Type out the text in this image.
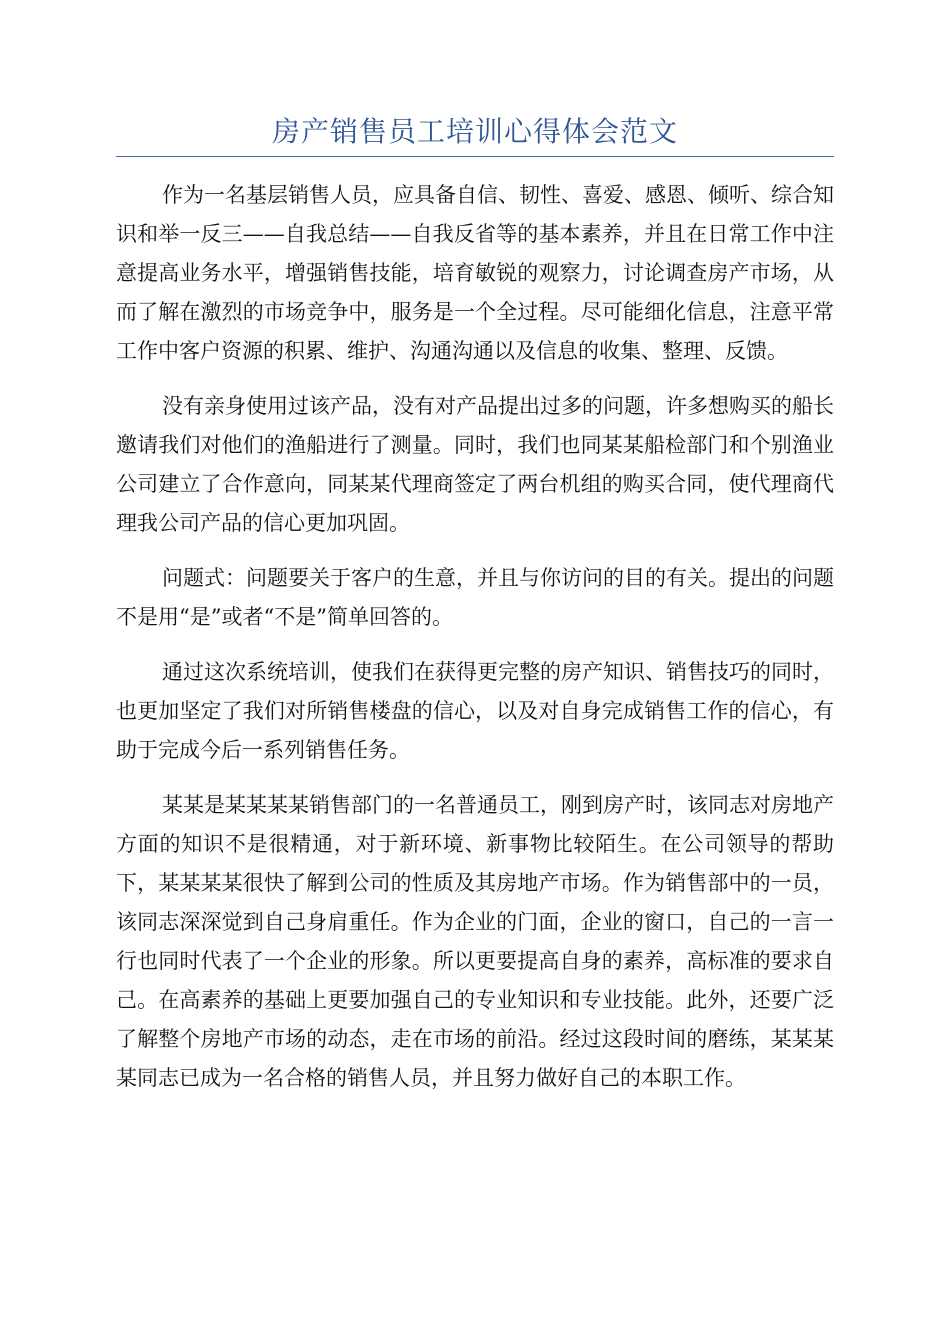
房产销售员工培训心得体会范文

作为一名基层销售人员，应具备自信、韧性、喜爱、感恩、倾听、综合知识和举一反三——自我总结——自我反省等的基本素养，并且在日常工作中注意提高业务水平，增强销售技能，培育敏锐的观察力，讨论调查房产市场，从而了解在激烈的市场竞争中，服务是一个全过程。尽可能细化信息，注意平常工作中客户资源的积累、维护、沟通沟通以及信息的收集、整理、反馈。

没有亲身使用过该产品，没有对产品提出过多的问题，许多想购买的船长邀请我们对他们的渔船进行了测量。同时，我们也同某某船检部门和个别渔业公司建立了合作意向，同某某代理商签定了两台机组的购买合同，使代理商代理我公司产品的信心更加巩固。

问题式：问题要关于客户的生意，并且与你访问的目的有关。提出的问题不是用“是”或者“不是”简单回答的。

通过这次系统培训，使我们在获得更完整的房产知识、销售技巧的同时，也更加坚定了我们对所销售楼盘的信心，以及对自身完成销售工作的信心，有助于完成今后一系列销售任务。

某某是某某某某销售部门的一名普通员工，刚到房产时，该同志对房地产方面的知识不是很精通，对于新环境、新事物比较陌生。在公司领导的帮助下，某某某某很快了解到公司的性质及其房地产市场。作为销售部中的一员，该同志深深觉到自己身肩重任。作为企业的门面，企业的窗口，自己的一言一行也同时代表了一个企业的形象。所以更要提高自身的素养，高标准的要求自己。在高素养的基础上更要加强自己的专业知识和专业技能。此外，还要广泛了解整个房地产市场的动态，走在市场的前沿。经过这段时间的磨练，某某某某同志已成为一名合格的销售人员，并且努力做好自己的本职工作。
